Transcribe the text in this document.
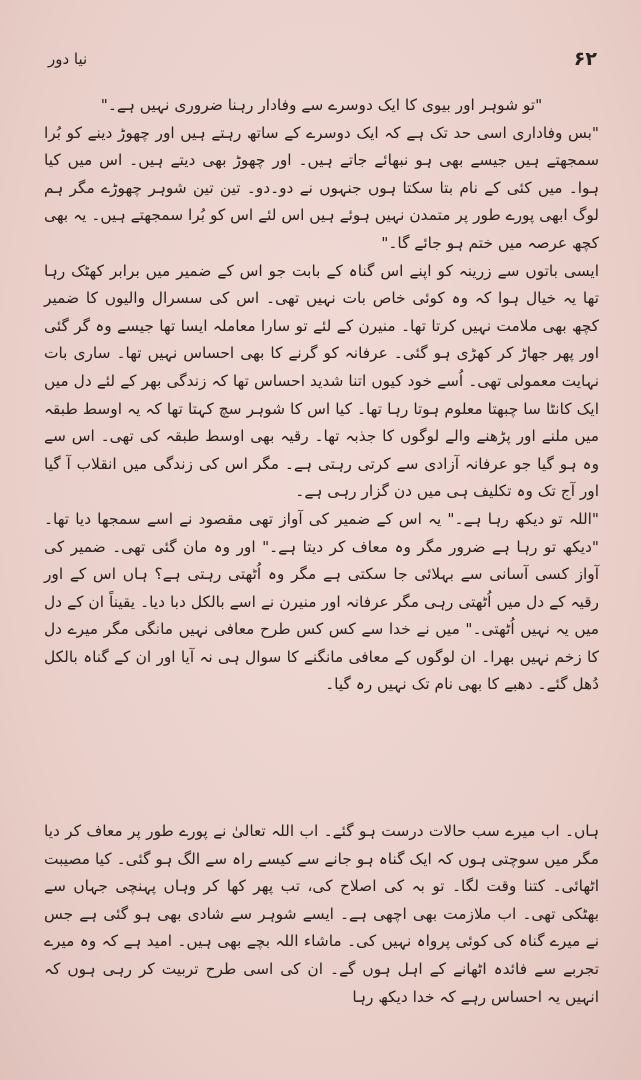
۶۲
نیا دور

"تو شوہر اور بیوی کا ایک دوسرے سے وفادار رہنا ضروری نہیں ہے۔"

"بس وفاداری اسی حد تک ہے کہ ایک دوسرے کے ساتھ رہتے ہیں اور چھوڑ دینے کو بُرا سمجھتے ہیں جیسے بھی ہو نبھائے جاتے ہیں۔ اور چھوڑ بھی دیتے ہیں۔ اس میں کیا ہوا۔ میں کئی کے نام بتا سکتا ہوں جنہوں نے دو۔دو۔ تین تین شوہر چھوڑے مگر ہم لوگ ابھی پورے طور پر متمدن نہیں ہوئے ہیں اس لئے اس کو بُرا سمجھتے ہیں۔ یہ بھی کچھ عرصہ میں ختم ہو جائے گا۔"

ایسی باتوں سے زرینہ کو اپنے اس گناہ کے بابت جو اس کے ضمیر میں برابر کھٹک رہا تھا یہ خیال ہوا کہ وہ کوئی خاص بات نہیں تھی۔ اس کی سسرال والیوں کا ضمیر کچھ بھی ملامت نہیں کرتا تھا۔ منیرن کے لئے تو سارا معاملہ ایسا تھا جیسے وہ گر گئی اور پھر جھاڑ کر کھڑی ہو گئی۔ عرفانہ کو گرنے کا بھی احساس نہیں تھا۔ ساری بات نہایت معمولی تھی۔ اُسے خود کیوں اتنا شدید احساس تھا کہ زندگی بھر کے لئے دل میں ایک کانٹا سا چبھتا معلوم ہوتا رہا تھا۔ کیا اس کا شوہر سچ کہتا تھا کہ یہ اوسط طبقہ میں ملنے اور پڑھنے والے لوگوں کا جذبہ تھا۔ رقیہ بھی اوسط طبقہ کی تھی۔ اس سے وہ ہو گیا جو عرفانہ آزادی سے کرتی رہتی ہے۔ مگر اس کی زندگی میں انقلاب آ گیا اور آج تک وہ تکلیف ہی میں دن گزار رہی ہے۔

"اللہ تو دیکھ رہا ہے۔" یہ اس کے ضمیر کی آواز تھی مقصود نے اسے سمجھا دیا تھا۔ "دیکھ تو رہا ہے ضرور مگر وہ معاف کر دیتا ہے۔" اور وہ مان گئی تھی۔ ضمیر کی آواز کسی آسانی سے بہلائی جا سکتی ہے مگر وہ اُٹھتی رہتی ہے؟ ہاں اس کے اور رقیہ کے دل میں اُٹھتی رہی مگر عرفانہ اور منیرن نے اسے بالکل دبا دیا۔ یقیناً ان کے دل میں یہ نہیں اُٹھتی۔" میں نے خدا سے کس کس طرح معافی نہیں مانگی مگر میرے دل کا زخم نہیں بھرا۔ ان لوگوں کے معافی مانگنے کا سوال ہی نہ آیا اور ان کے گناہ بالکل دُھل گئے۔ دھبے کا بھی نام تک نہیں رہ گیا۔

ہاں۔ اب میرے سب حالات درست ہو گئے۔ اب اللہ تعالیٰ نے پورے طور پر معاف کر دیا مگر میں سوچتی ہوں کہ ایک گناہ ہو جانے سے کیسے راہ سے الگ ہو گئی۔ کیا مصیبت اٹھائی۔ کتنا وقت لگا۔ تو بہ کی اصلاح کی، تب پھر کھا کر وہاں پہنچی جہاں سے بھٹکی تھی۔ اب ملازمت بھی اچھی ہے۔ ایسے شوہر سے شادی بھی ہو گئی ہے جس نے میرے گناہ کی کوئی پرواہ نہیں کی۔ ماشاء اللہ بچے بھی ہیں۔ امید ہے کہ وہ میرے تجربے سے فائدہ اٹھانے کے اہل ہوں گے۔ ان کی اسی طرح تربیت کر رہی ہوں کہ انہیں یہ احساس رہے کہ خدا دیکھ رہا
